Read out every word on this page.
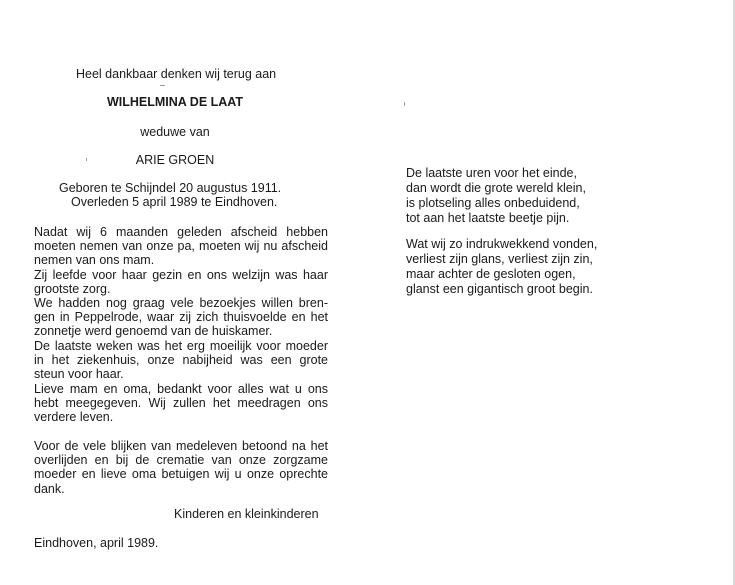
Heel dankbaar denken wij terug aan
WILHELMINA DE LAAT
weduwe van
ARIE GROEN
Geboren te Schijndel 20 augustus 1911.
Overleden 5 april 1989 te Eindhoven.
Nadat wij 6 maanden geleden afscheid hebben
moeten nemen van onze pa, moeten wij nu afscheid
nemen van ons mam.
Zij leefde voor haar gezin en ons welzijn was haar
grootste zorg.
We hadden nog graag vele bezoekjes willen bren-
gen in Peppelrode, waar zij zich thuisvoelde en het
zonnetje werd genoemd van de huiskamer.
De laatste weken was het erg moeilijk voor moeder
in het ziekenhuis, onze nabijheid was een grote
steun voor haar.
Lieve mam en oma, bedankt voor alles wat u ons
hebt meegegeven. Wij zullen het meedragen ons
verdere leven.
Voor de vele blijken van medeleven betoond na het
overlijden en bij de crematie van onze zorgzame
moeder en lieve oma betuigen wij u onze oprechte
dank.
Kinderen en kleinkinderen
Eindhoven, april 1989.
De laatste uren voor het einde,
dan wordt die grote wereld klein,
is plotseling alles onbeduidend,
tot aan het laatste beetje pijn.
Wat wij zo indrukwekkend vonden,
verliest zijn glans, verliest zijn zin,
maar achter de gesloten ogen,
glanst een gigantisch groot begin.
